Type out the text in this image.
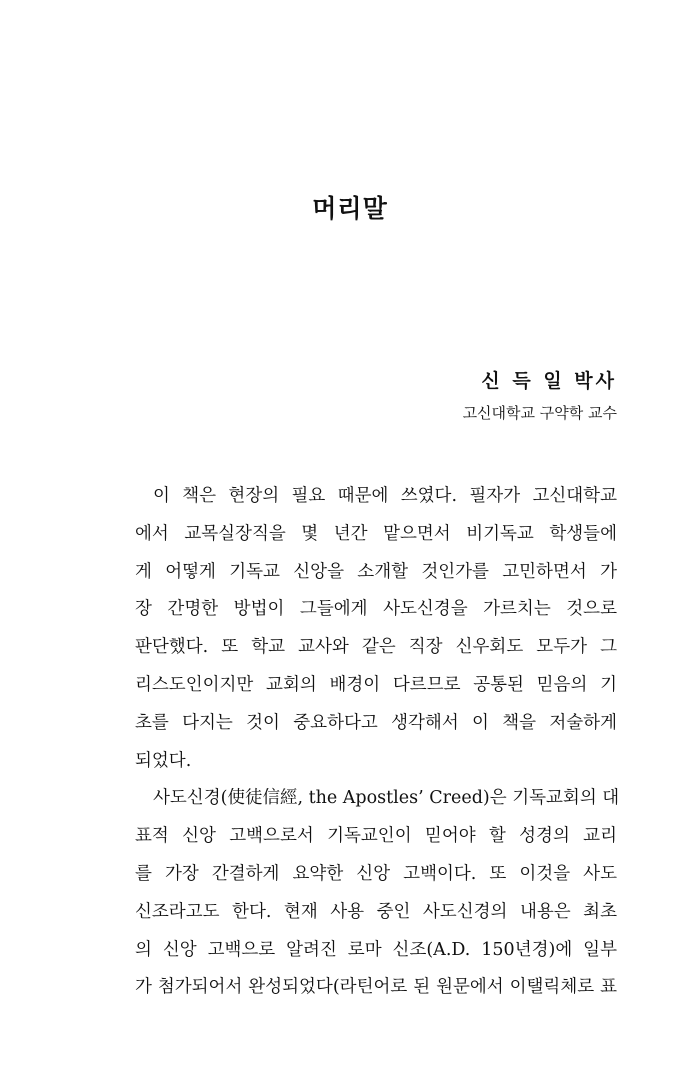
머리말
신 득 일 박사
고신대학교 구약학 교수
이 책은 현장의 필요 때문에 쓰였다. 필자가 고신대학교
에서 교목실장직을 몇 년간 맡으면서 비기독교 학생들에
게 어떻게 기독교 신앙을 소개할 것인가를 고민하면서 가
장 간명한 방법이 그들에게 사도신경을 가르치는 것으로
판단했다. 또 학교 교사와 같은 직장 신우회도 모두가 그
리스도인이지만 교회의 배경이 다르므로 공통된 믿음의 기
초를 다지는 것이 중요하다고 생각해서 이 책을 저술하게
되었다.
사도신경(使徒信經, the Apostles’ Creed)은 기독교회의 대
표적 신앙 고백으로서 기독교인이 믿어야 할 성경의 교리
를 가장 간결하게 요약한 신앙 고백이다. 또 이것을 사도
신조라고도 한다. 현재 사용 중인 사도신경의 내용은 최초
의 신앙 고백으로 알려진 로마 신조(A.D. 150년경)에 일부
가 첨가되어서 완성되었다(라틴어로 된 원문에서 이탤릭체로 표
